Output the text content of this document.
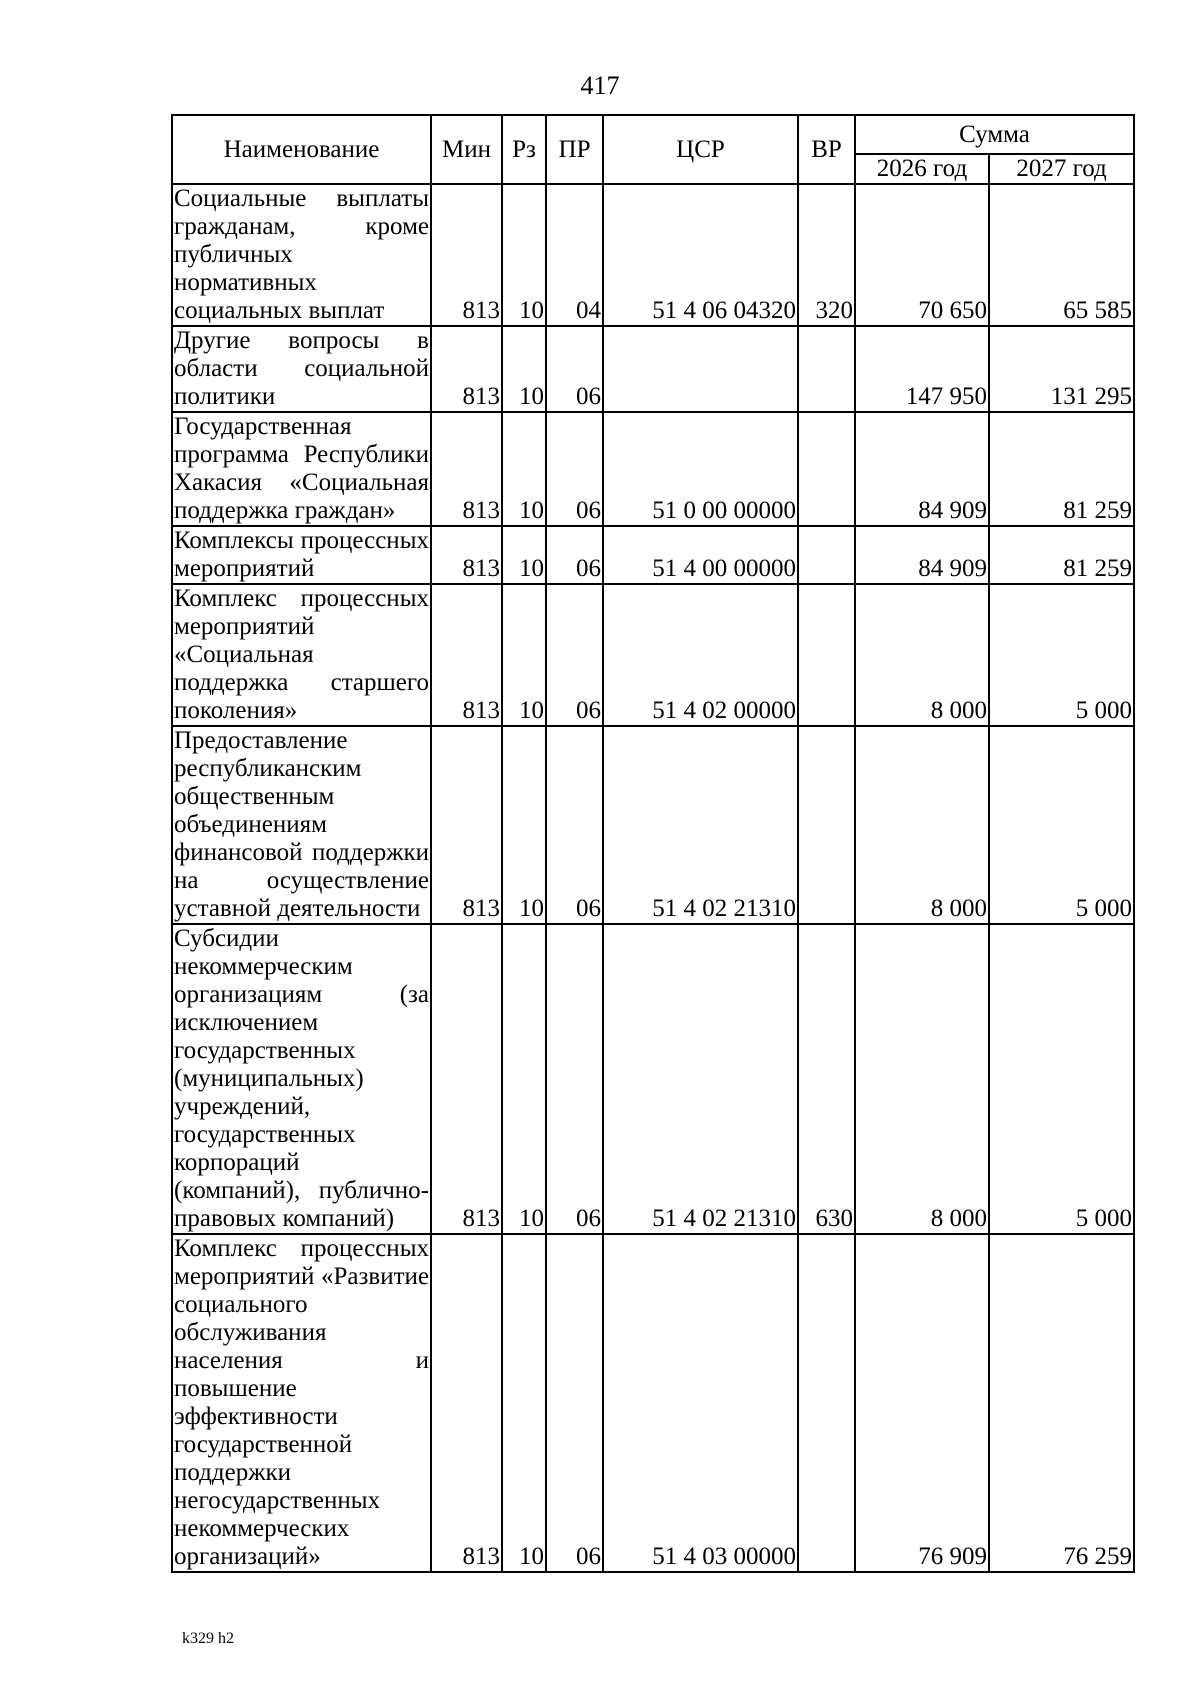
417
Наименование	Мин	Рз	ПР	ЦСР	ВР	Сумма	
						2026 год	2027 год
Социальные выплаты гражданам, кроме публичных нормативных социальных выплат	813	10	04	51 4 06 04320	320	70 650	65 585
Другие вопросы в области социальной политики	813	10	06			147 950	131 295
Государственная программа Республики Хакасия «Социальная поддержка граждан»	813	10	06	51 0 00 00000		84 909	81 259
Комплексы процессных мероприятий	813	10	06	51 4 00 00000		84 909	81 259
Комплекс процессных мероприятий «Социальная поддержка старшего поколения»	813	10	06	51 4 02 00000		8 000	5 000
Предоставление республиканским общественным объединениям финансовой поддержки на осуществление уставной деятельности	813	10	06	51 4 02 21310		8 000	5 000
Субсидии некоммерческим организациям (за исключением государственных (муниципальных) учреждений, государственных корпораций (компаний), публично-правовых компаний)	813	10	06	51 4 02 21310	630	8 000	5 000
Комплекс процессных мероприятий «Развитие социального обслуживания населения и повышение эффективности государственной поддержки негосударственных некоммерческих организаций»	813	10	06	51 4 03 00000		76 909	76 259
k329 h2
